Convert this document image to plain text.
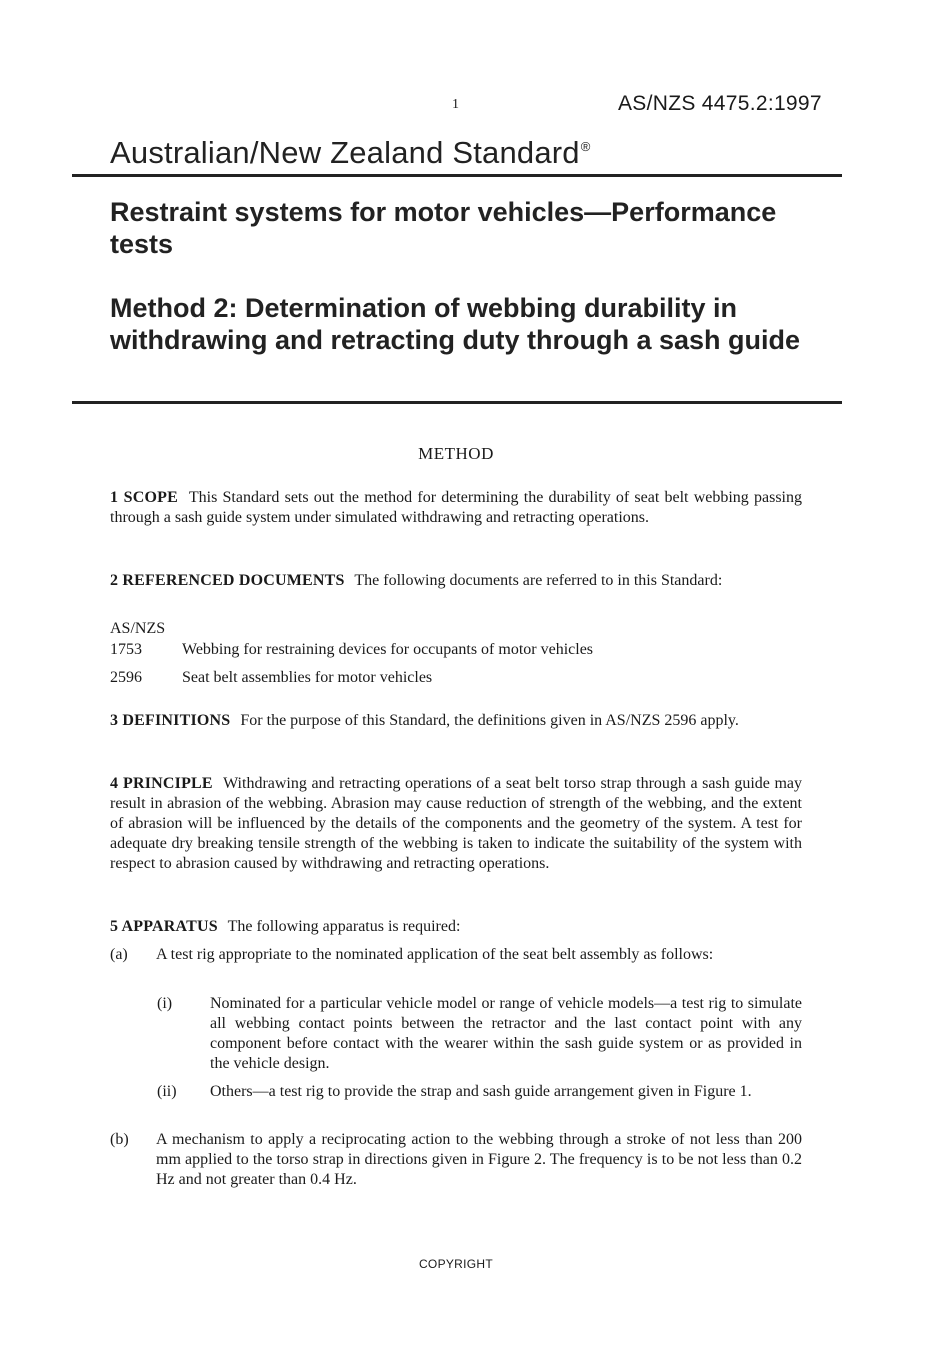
1	AS/NZS 4475.2:1997
Australian/New Zealand Standard®
Restraint systems for motor vehicles—Performance tests
Method 2: Determination of webbing durability in withdrawing and retracting duty through a sash guide
METHOD
1 SCOPE This Standard sets out the method for determining the durability of seat belt webbing passing through a sash guide system under simulated withdrawing and retracting operations.
2 REFERENCED DOCUMENTS The following documents are referred to in this Standard:
AS/NZS
1753	Webbing for restraining devices for occupants of motor vehicles
2596	Seat belt assemblies for motor vehicles
3 DEFINITIONS For the purpose of this Standard, the definitions given in AS/NZS 2596 apply.
4 PRINCIPLE Withdrawing and retracting operations of a seat belt torso strap through a sash guide may result in abrasion of the webbing. Abrasion may cause reduction of strength of the webbing, and the extent of abrasion will be influenced by the details of the components and the geometry of the system. A test for adequate dry breaking tensile strength of the webbing is taken to indicate the suitability of the system with respect to abrasion caused by withdrawing and retracting operations.
5 APPARATUS The following apparatus is required:
(a) A test rig appropriate to the nominated application of the seat belt assembly as follows:
(i) Nominated for a particular vehicle model or range of vehicle models—a test rig to simulate all webbing contact points between the retractor and the last contact point with any component before contact with the wearer within the sash guide system or as provided in the vehicle design.
(ii) Others—a test rig to provide the strap and sash guide arrangement given in Figure 1.
(b) A mechanism to apply a reciprocating action to the webbing through a stroke of not less than 200 mm applied to the torso strap in directions given in Figure 2. The frequency is to be not less than 0.2 Hz and not greater than 0.4 Hz.
COPYRIGHT
